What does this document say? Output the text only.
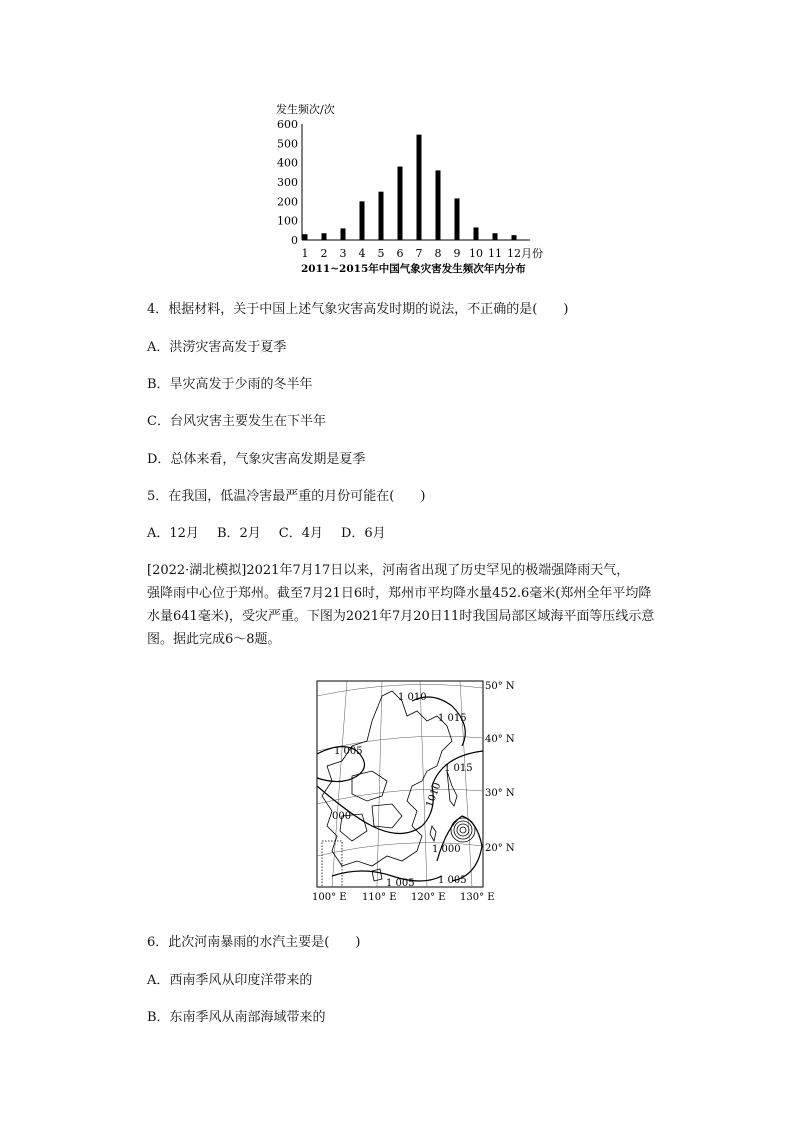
发生频次/次
0
100
200
300
400
500
600
1 2 3 4 5 6 7 8 9 10 11 12 月份
2011~2015年中国气象灾害发生频次年内分布
4．根据材料，关于中国上述气象灾害高发时期的说法，不正确的是(　　)
A．洪涝灾害高发于夏季
B．旱灾高发于少雨的冬半年
C．台风灾害主要发生在下半年
D．总体来看，气象灾害高发期是夏季
5．在我国，低温冷害最严重的月份可能在(　　)
A．12月 B．2月 C．4月 D．6月
[2022·湖北模拟]2021年7月17日以来，河南省出现了历史罕见的极端强降雨天气，
强降雨中心位于郑州。截至7月21日6时，郑州市平均降水量452.6毫米(郑州全年平均降
水量641毫米)，受灾严重。下图为2021年7月20日11时我国局部区域海平面等压线示意
图。据此完成6～8题。
1 010
1 015
1 005
1 015
1010
000
1 000
1 005 1 005
50° N
40° N
30° N
20° N
100° E 110° E 120° E 130° E
6．此次河南暴雨的水汽主要是(　　)
A．西南季风从印度洋带来的
B．东南季风从南部海域带来的
